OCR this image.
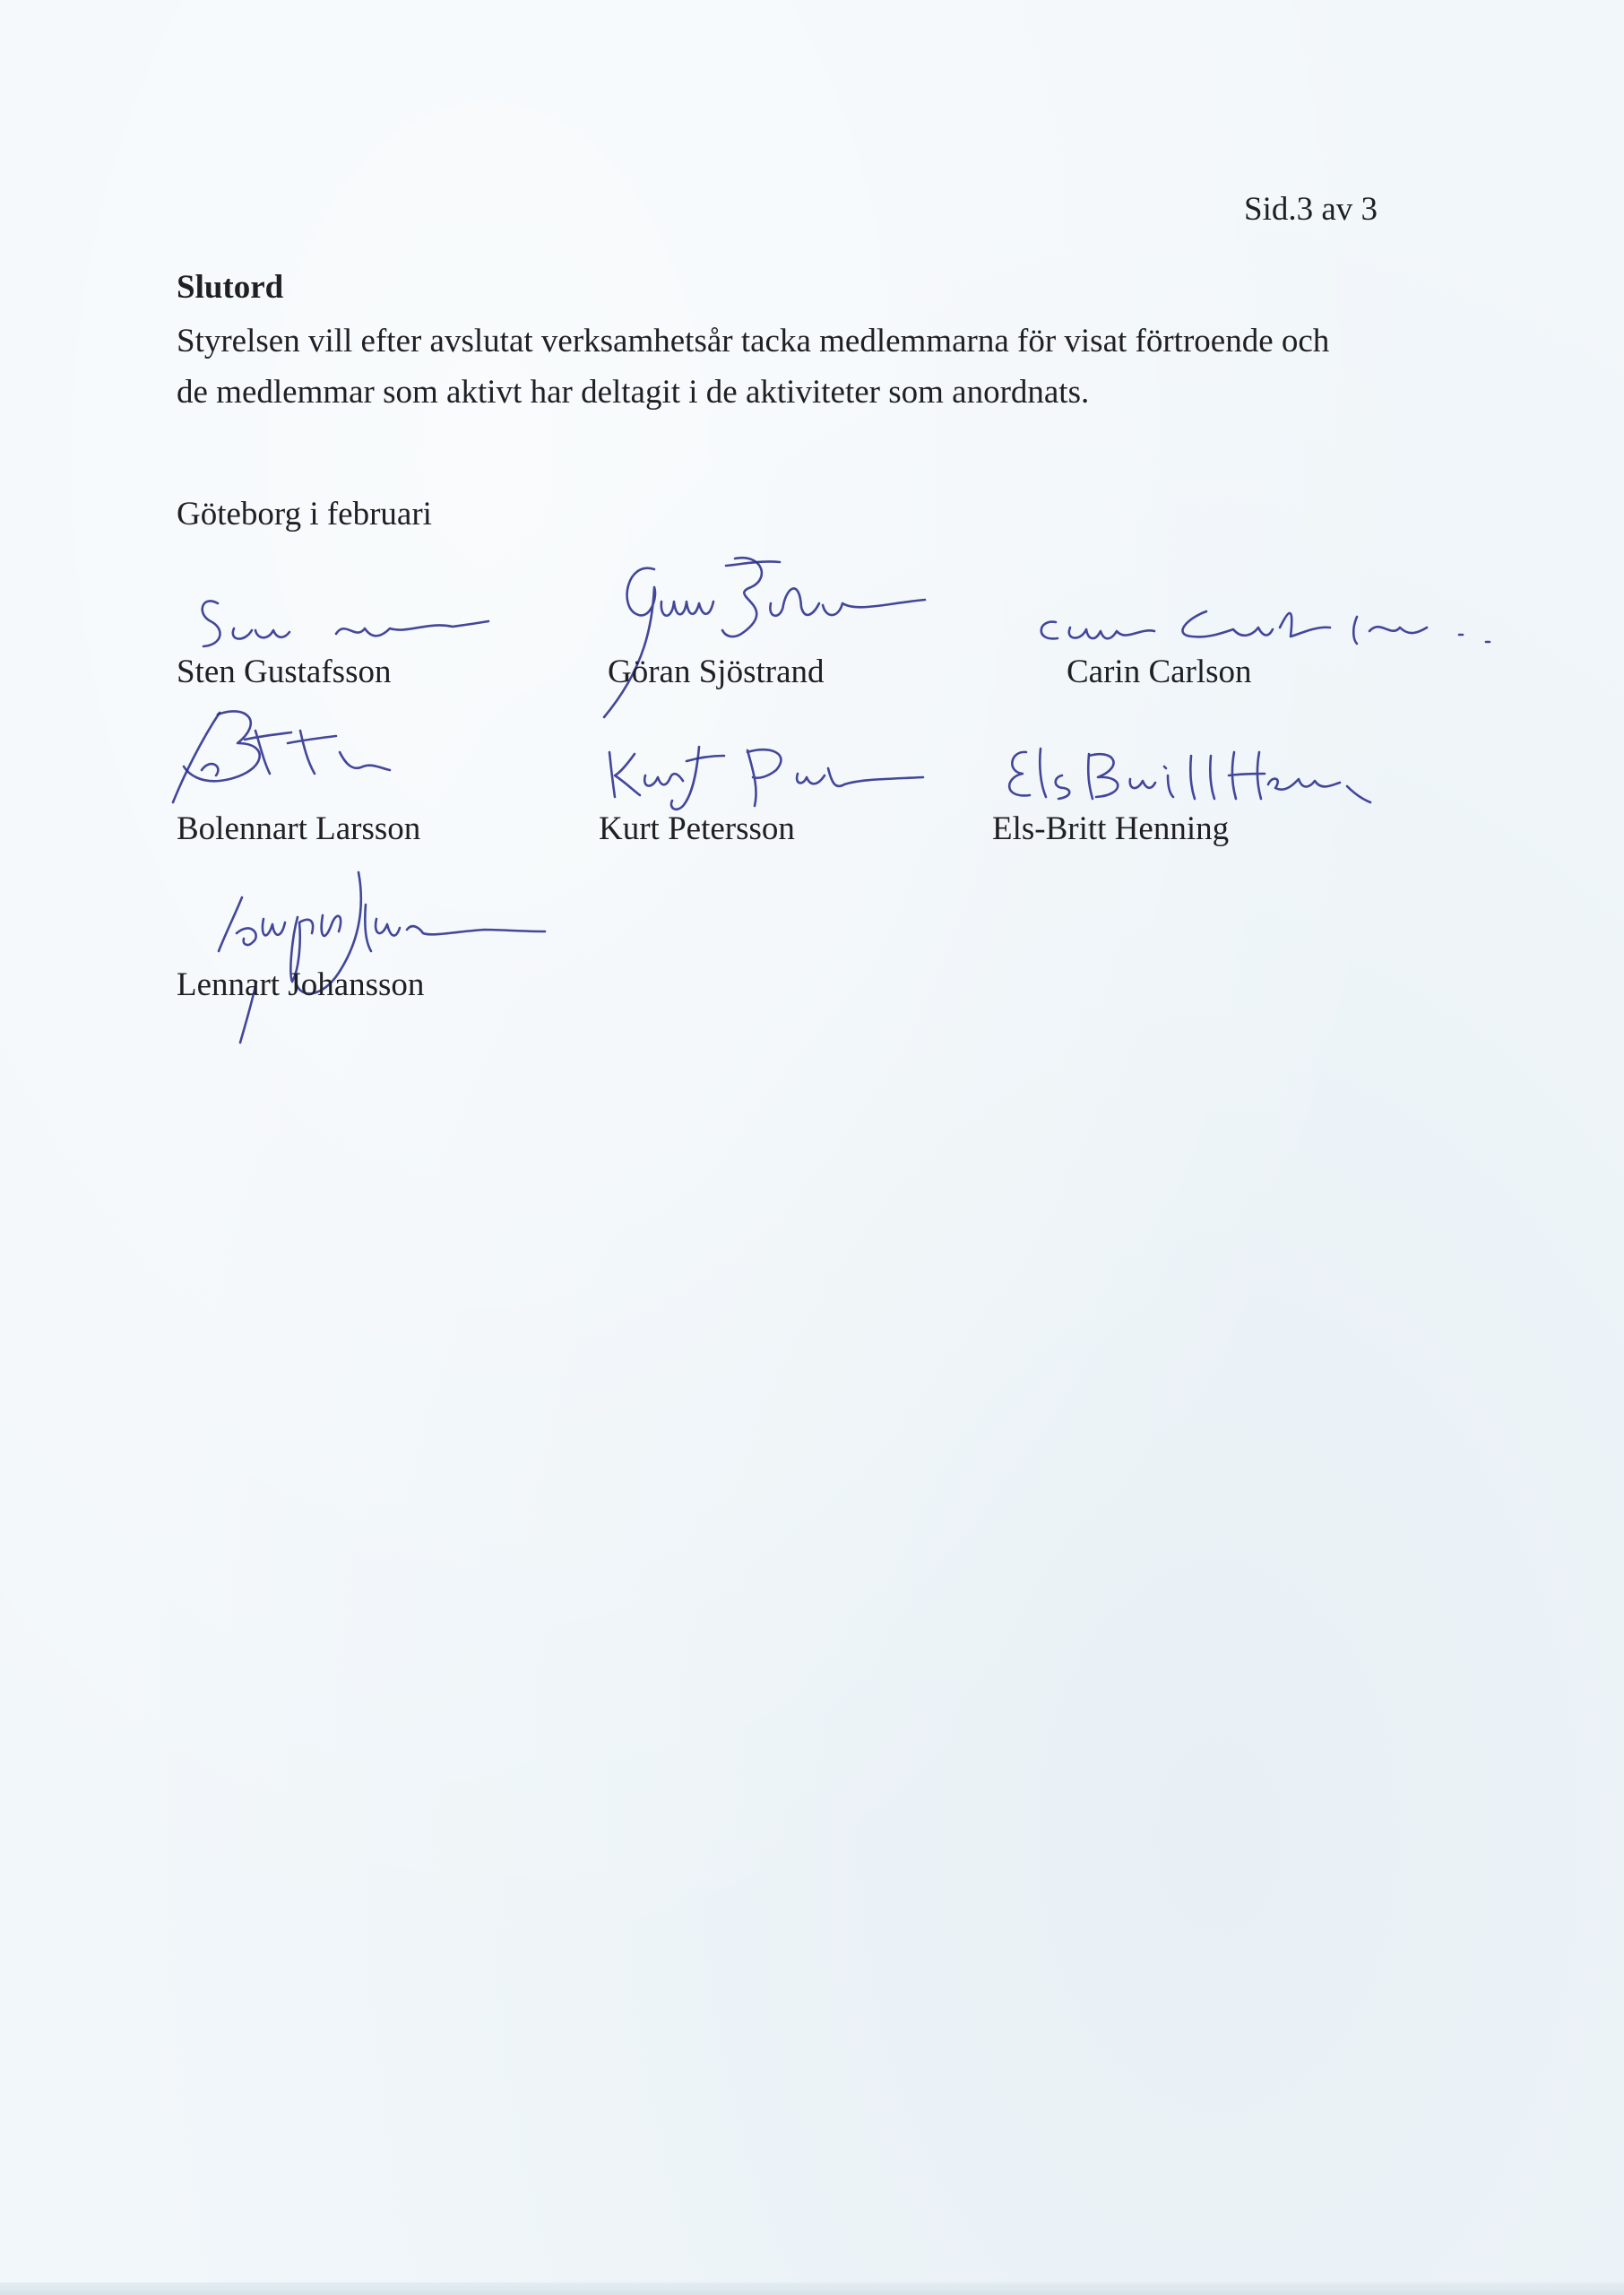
Sid.3 av 3
Slutord

Styrelsen vill efter avslutat verksamhetsår tacka medlemmarna för visat förtroende och de medlemmar som aktivt har deltagit i de aktiviteter som anordnats.

Göteborg i februari
Sten Gustafsson	Göran Sjöstrand	Carin Carlson
Bolennart Larsson	Kurt Petersson	Els-Britt Henning
Lennart Johansson
